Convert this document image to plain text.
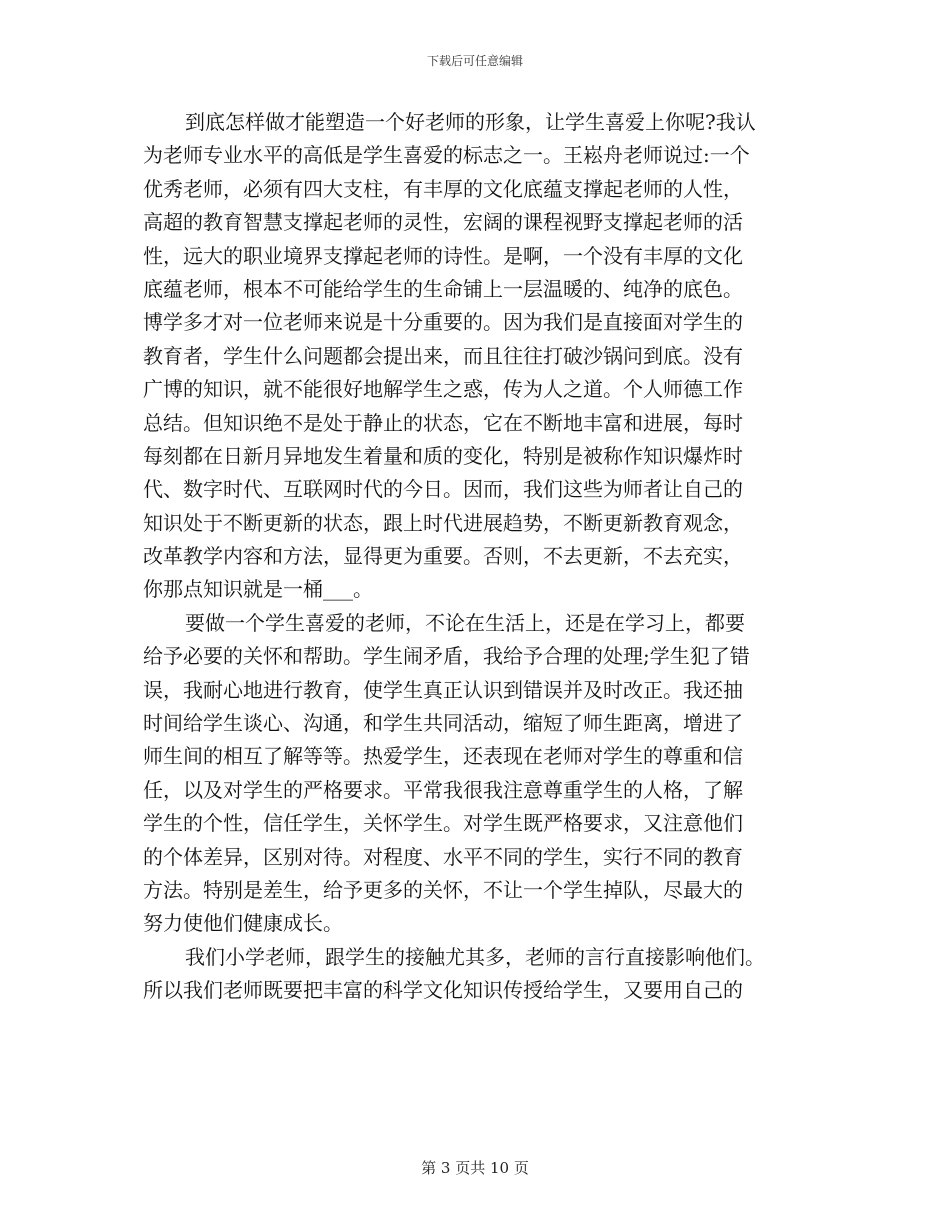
下载后可任意编辑
到底怎样做才能塑造一个好老师的形象，让学生喜爱上你呢?我认
为老师专业水平的高低是学生喜爱的标志之一。王崧舟老师说过:一个
优秀老师，必须有四大支柱，有丰厚的文化底蕴支撑起老师的人性，
高超的教育智慧支撑起老师的灵性，宏阔的课程视野支撑起老师的活
性，远大的职业境界支撑起老师的诗性。是啊，一个没有丰厚的文化
底蕴老师，根本不可能给学生的生命铺上一层温暖的、纯净的底色。
博学多才对一位老师来说是十分重要的。因为我们是直接面对学生的
教育者，学生什么问题都会提出来，而且往往打破沙锅问到底。没有
广博的知识，就不能很好地解学生之惑，传为人之道。个人师德工作
总结。但知识绝不是处于静止的状态，它在不断地丰富和进展，每时
每刻都在日新月异地发生着量和质的变化，特别是被称作知识爆炸时
代、数字时代、互联网时代的今日。因而，我们这些为师者让自己的
知识处于不断更新的状态，跟上时代进展趋势，不断更新教育观念，
改革教学内容和方法，显得更为重要。否则，不去更新，不去充实，
你那点知识就是一桶___。
要做一个学生喜爱的老师，不论在生活上，还是在学习上，都要
给予必要的关怀和帮助。学生闹矛盾，我给予合理的处理;学生犯了错
误，我耐心地进行教育，使学生真正认识到错误并及时改正。我还抽
时间给学生谈心、沟通，和学生共同活动，缩短了师生距离，增进了
师生间的相互了解等等。热爱学生，还表现在老师对学生的尊重和信
任，以及对学生的严格要求。平常我很我注意尊重学生的人格，了解
学生的个性，信任学生，关怀学生。对学生既严格要求，又注意他们
的个体差异，区别对待。对程度、水平不同的学生，实行不同的教育
方法。特别是差生，给予更多的关怀，不让一个学生掉队，尽最大的
努力使他们健康成长。
我们小学老师，跟学生的接触尤其多，老师的言行直接影响他们。
所以我们老师既要把丰富的科学文化知识传授给学生，又要用自己的
第 3 页共 10 页
